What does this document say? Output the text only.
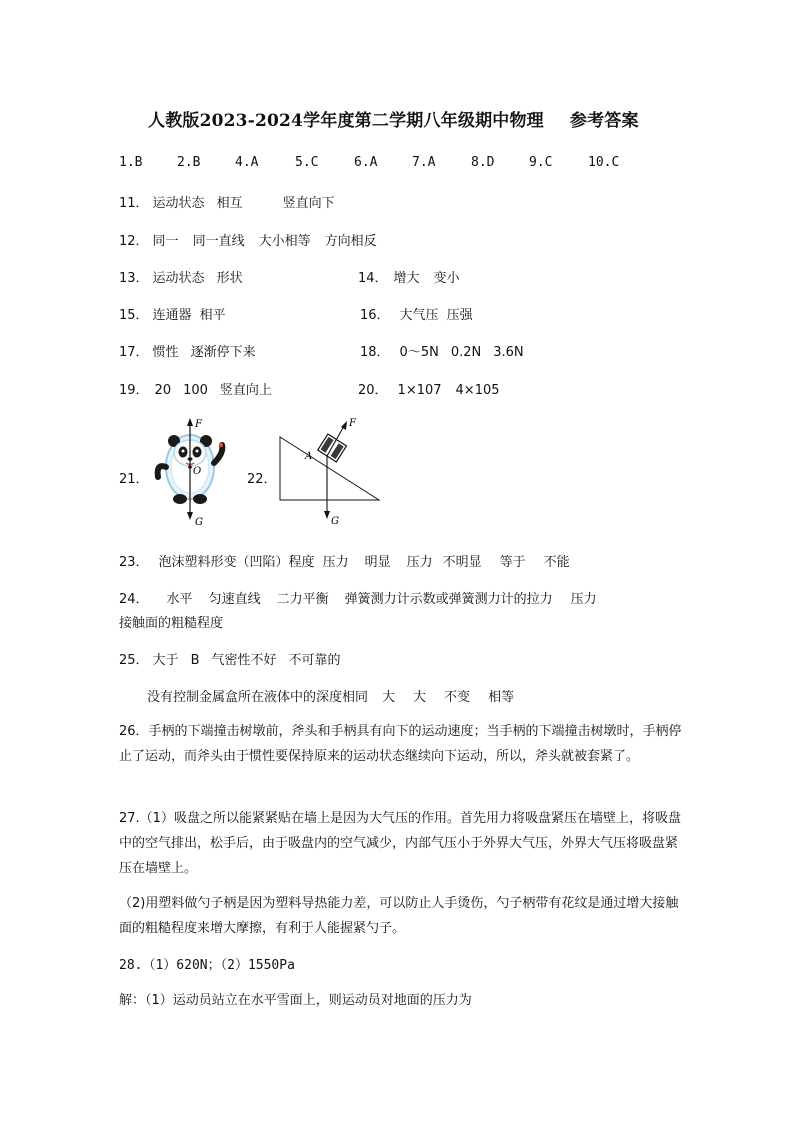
人教版2023-2024学年度第二学期八年级期中物理 参考答案
1.B	2.B	4.A	5.C	6.A	7.A	8.D	9.C	10.C
11． 运动状态 相互	竖直向下
12． 同一 同一直线 大小相等 方向相反
13． 运动状态 形状	14． 增大 变小
15． 连通器 相平	16． 大气压 压强
17． 惯性 逐渐停下来	18． 0～5N 0.2N 3.6N
19． 20 100 竖直向上	20． 1×107 4×105
21．
F
O
G
22．
F
A
G
23． 泡沫塑料形变（凹陷）程度 压力 明显 压力 不明显 等于 不能
24． 水平 匀速直线 二力平衡 弹簧测力计示数或弹簧测力计的拉力 压力
接触面的粗糙程度
25． 大于 B 气密性不好 不可靠的
没有控制金属盒所在液体中的深度相同 大 大 不变 相等
26．手柄的下端撞击树墩前，斧头和手柄具有向下的运动速度；当手柄的下端撞击树墩时，手柄停止了运动，而斧头由于惯性要保持原来的运动状态继续向下运动，所以，斧头就被套紧了。
27.（1）吸盘之所以能紧紧贴在墙上是因为大气压的作用。首先用力将吸盘紧压在墙壁上，将吸盘中的空气排出，松手后，由于吸盘内的空气减少，内部气压小于外界大气压，外界大气压将吸盘紧压在墙壁上。
（2)用塑料做勺子柄是因为塑料导热能力差，可以防止人手烫伤，勺子柄带有花纹是通过增大接触面的粗糙程度来增大摩擦，有利于人能握紧勺子。
28.（1）620N；（2）1550Pa
解：（1）运动员站立在水平雪面上，则运动员对地面的压力为
